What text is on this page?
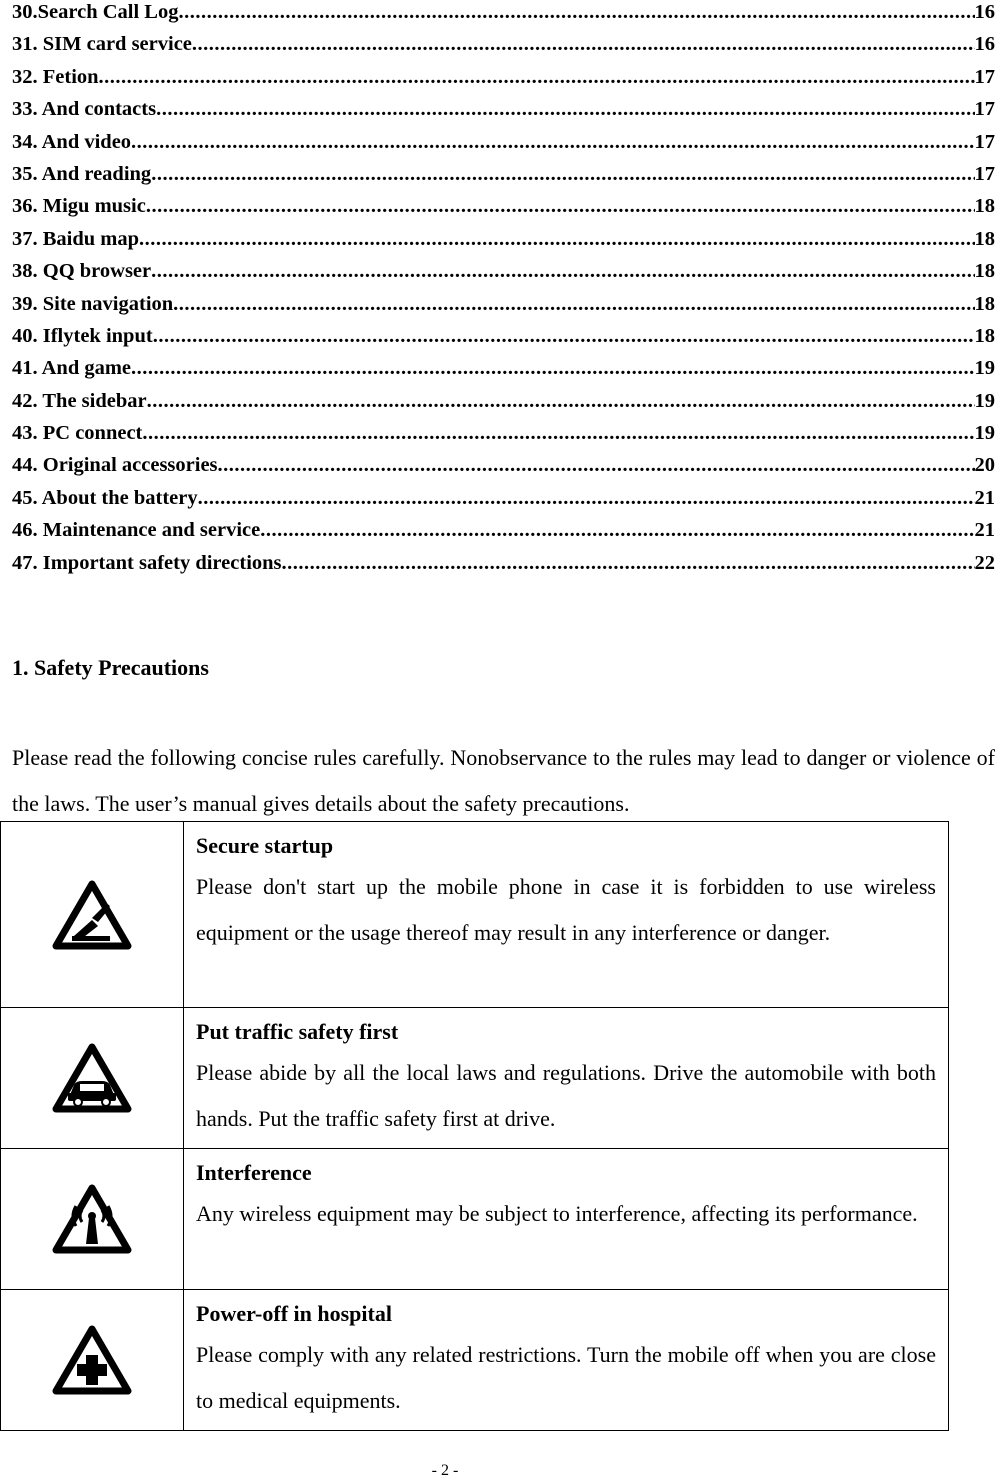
30.Search Call Log .....	16
31. SIM card service .....	16
32. Fetion .....	17
33. And contacts .....	17
34. And video .....	17
35. And reading .....	17
36. Migu music .....	18
37. Baidu map .....	18
38. QQ browser .....	18
39. Site navigation .....	18
40. Iflytek input .....	18
41. And game .....	19
42. The sidebar .....	19
43. PC connect .....	19
44. Original accessories .....	20
45. About the battery .....	21
46. Maintenance and service .....	21
47. Important safety directions .....	22
1. Safety Precautions
Please read the following concise rules carefully. Nonobservance to the rules may lead to danger or violence of the laws. The user’s manual gives details about the safety precautions.

Secure startup
Please don't start up the mobile phone in case it is forbidden to use wireless equipment or the usage thereof may result in any interference or danger.

Put traffic safety first
Please abide by all the local laws and regulations. Drive the automobile with both hands. Put the traffic safety first at drive.

Interference
Any wireless equipment may be subject to interference, affecting its performance.

Power-off in hospital
Please comply with any related restrictions. Turn the mobile off when you are close to medical equipments.
- 2 -
